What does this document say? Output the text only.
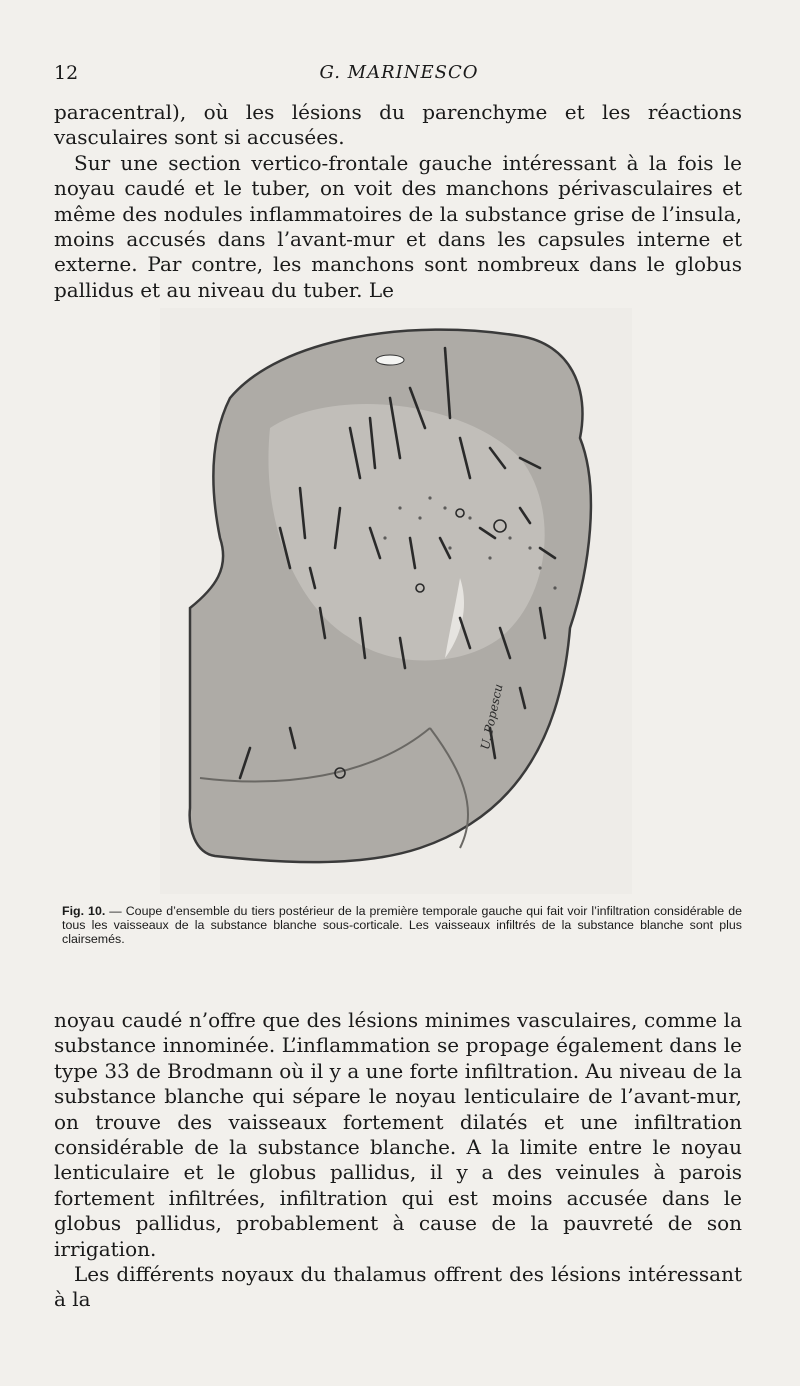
12	G. MARINESCO

paracentral), où les lésions du parenchyme et les réactions vasculaires sont si accusées.

Sur une section vertico-frontale gauche intéressant à la fois le noyau caudé et le tuber, on voit des manchons périvasculaires et même des nodules inflammatoires de la substance grise de l’insula, moins accusés dans l’avant-mur et dans les capsules interne et externe. Par contre, les manchons sont nombreux dans le globus pallidus et au niveau du tuber. Le

U. Popescu
Fig. 10. — Coupe d’ensemble du tiers postérieur de la première temporale gauche qui fait voir l’infiltration considérable de tous les vaisseaux de la substance blanche sous-corticale. Les vaisseaux infiltrés de la substance blanche sont plus clairsemés.

noyau caudé n’offre que des lésions minimes vasculaires, comme la substance innominée. L’inflammation se propage également dans le type 33 de Brodmann où il y a une forte infiltration. Au niveau de la substance blanche qui sépare le noyau lenticulaire de l’avant-mur, on trouve des vaisseaux fortement dilatés et une infiltration considérable de la substance blanche. A la limite entre le noyau lenticulaire et le globus pallidus, il y a des veinules à parois fortement infiltrées, infiltration qui est moins accusée dans le globus pallidus, probablement à cause de la pauvreté de son irrigation.

Les différents noyaux du thalamus offrent des lésions intéressant à la
